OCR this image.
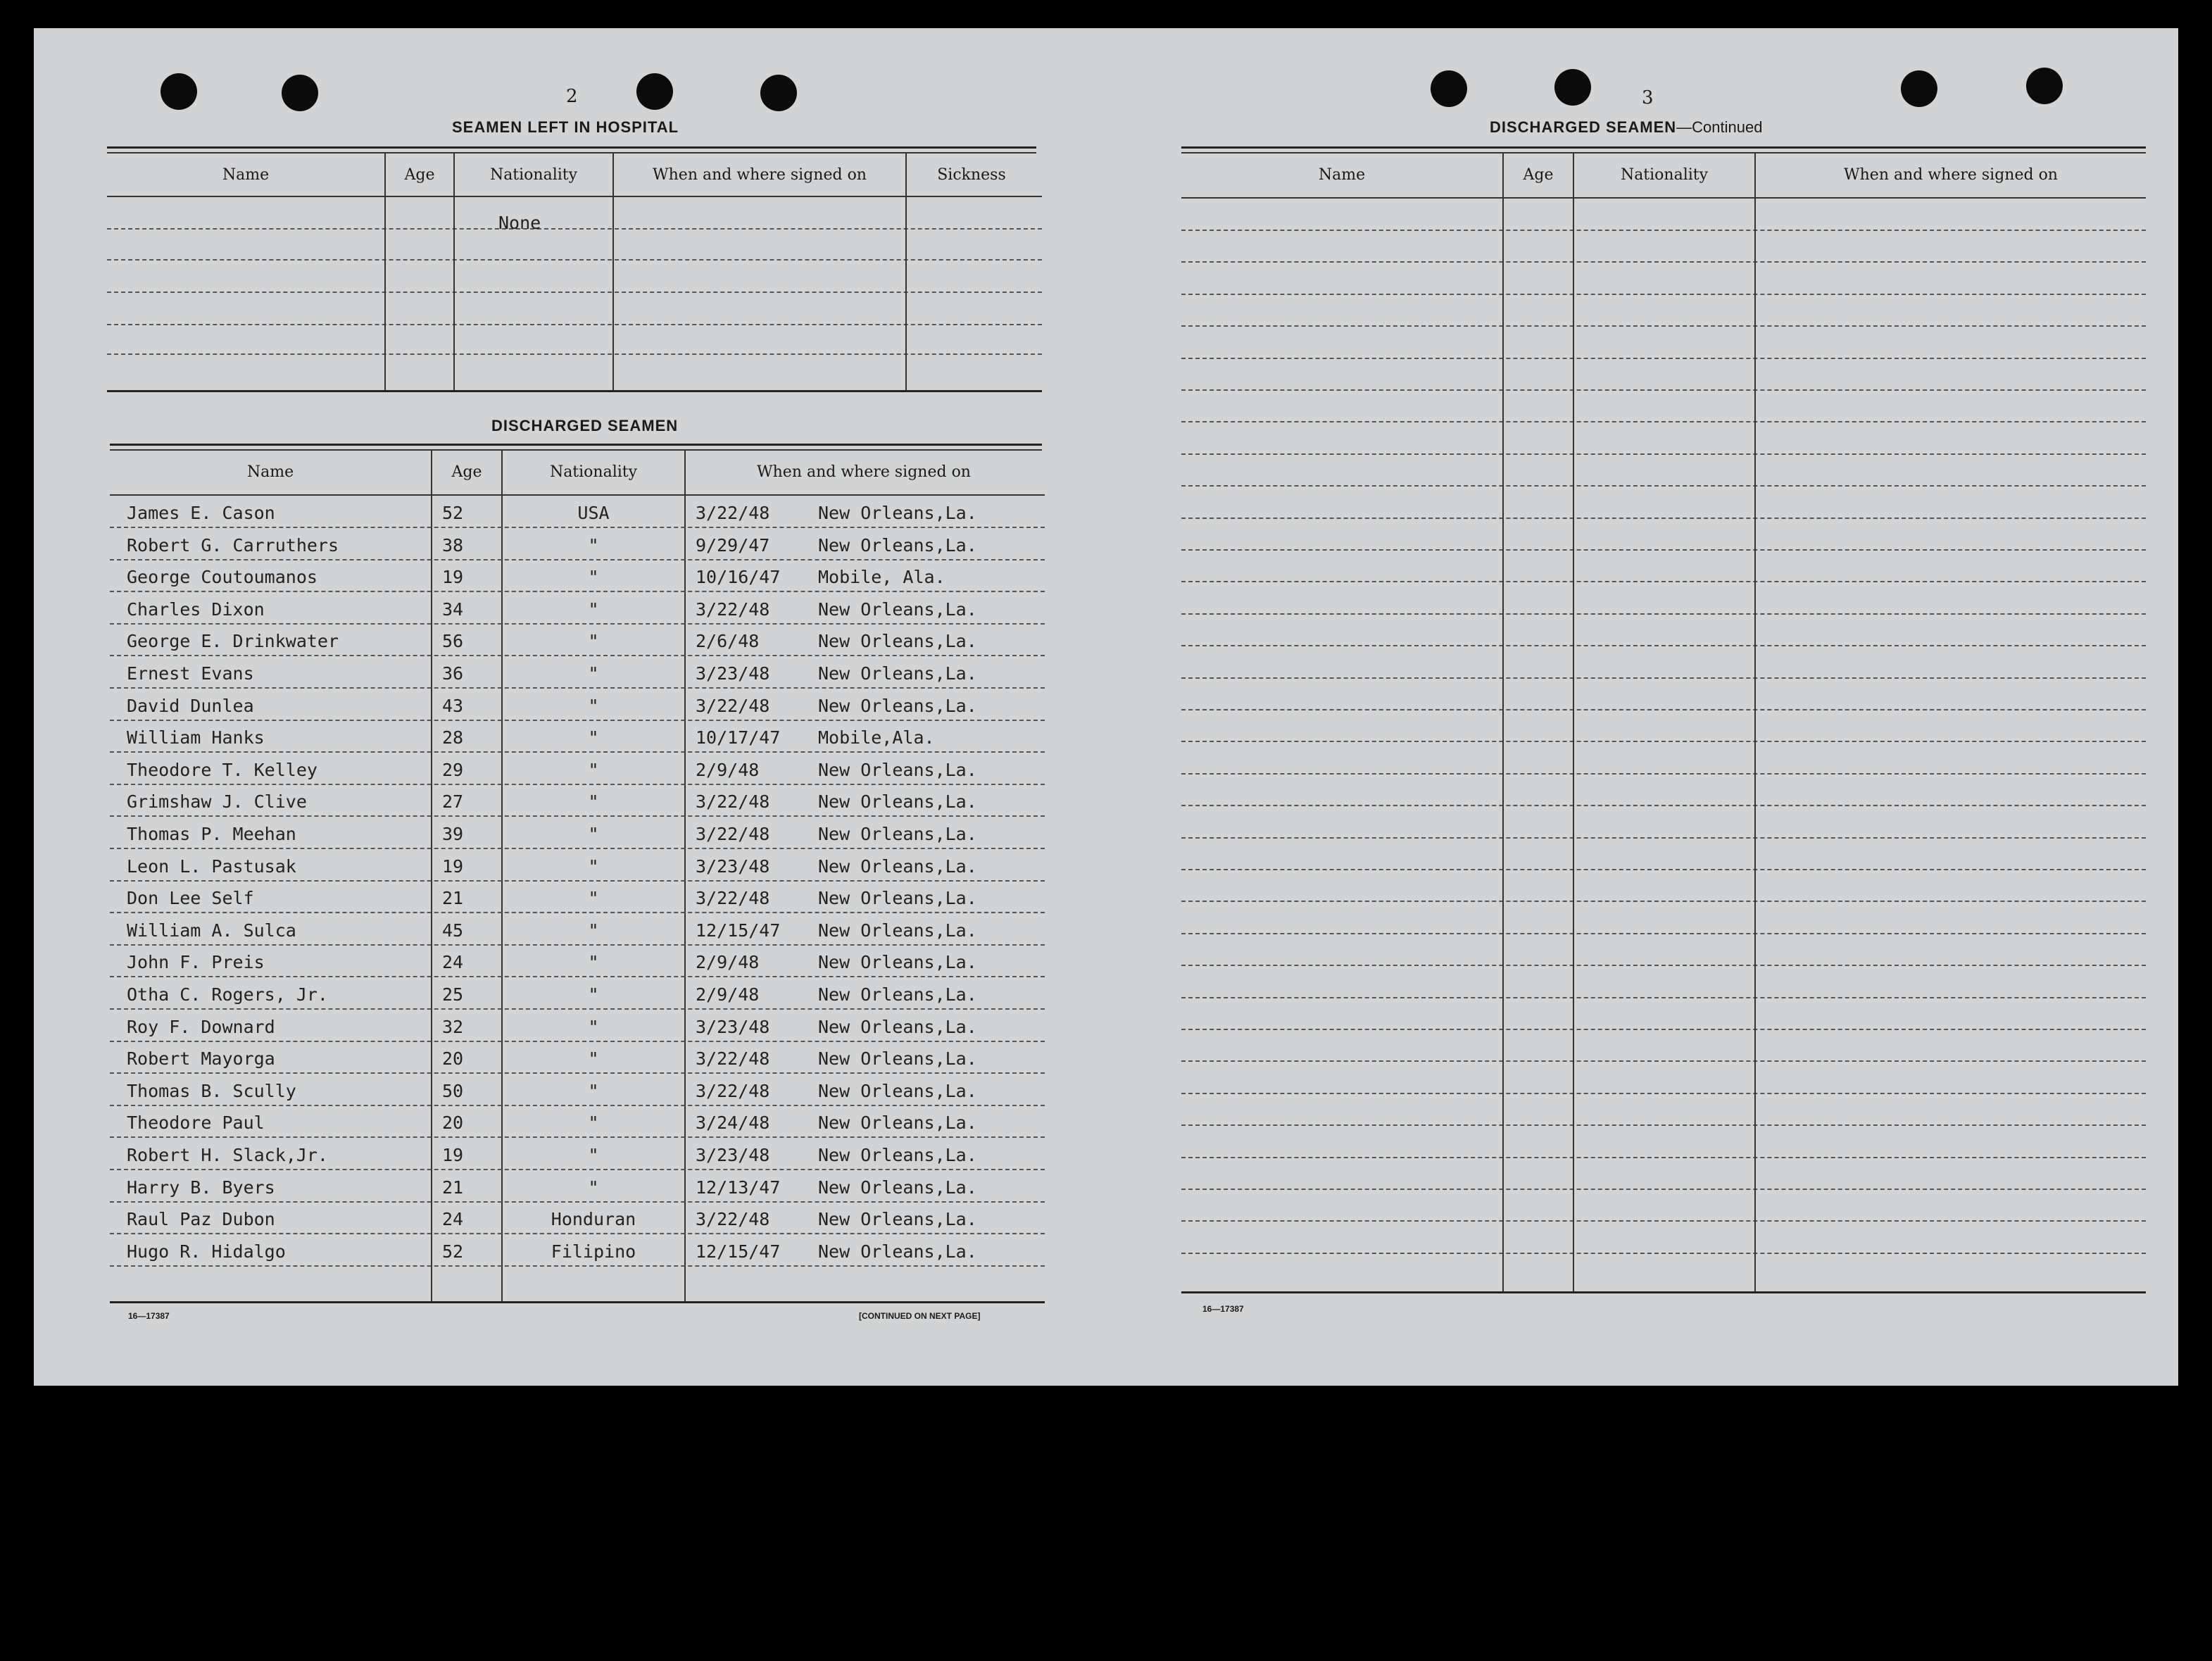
2
SEAMEN LEFT IN HOSPITAL
Name	Age	Nationality	When and where signed on	Sickness
None
DISCHARGED SEAMEN
Name	Age	Nationality	When and where signed on
James E. Cason	52	USA	3/22/48	New Orleans,La.
Robert G. Carruthers	38	"	9/29/47	New Orleans,La.
George Coutoumanos	19	"	10/16/47 Mobile, Ala.
Charles Dixon	34	"	3/22/48	New Orleans,La.
George E. Drinkwater	56	"	2/6/48	New Orleans,La.
Ernest Evans	36	"	3/23/48	New Orleans,La.
David Dunlea	43	"	3/22/48	New Orleans,La.
William Hanks	28	"	10/17/47 Mobile,Ala.
Theodore T. Kelley	29	"	2/9/48	New Orleans,La.
Grimshaw J. Clive	27	"	3/22/48	New Orleans,La.
Thomas P. Meehan	39	"	3/22/48	New Orleans,La.
Leon L. Pastusak	19	"	3/23/48	New Orleans,La.
Don Lee Self	21	"	3/22/48	New Orleans,La.
William A. Sulca	45	"	12/15/47 New Orleans,La.
John F. Preis	24	"	2/9/48	New Orleans,La.
Otha C. Rogers, Jr.	25	"	2/9/48	New Orleans,La.
Roy F. Downard	32	"	3/23/48	New Orleans,La.
Robert Mayorga	20	"	3/22/48	New Orleans,La.
Thomas B. Scully	50	"	3/22/48	New Orleans,La.
Theodore Paul	20	"	3/24/48	New Orleans,La.
Robert H. Slack,Jr.	19	"	3/23/48	New Orleans,La.
Harry B. Byers	21	"	12/13/47 New Orleans,La.
Raul Paz Dubon	24	Honduran	3/22/48	New Orleans,La.
Hugo R. Hidalgo	52	Filipino	12/15/47 New Orleans,La.
16—17387	[CONTINUED ON NEXT PAGE]
3
DISCHARGED SEAMEN—Continued
Name	Age	Nationality	When and where signed on
16—17387
